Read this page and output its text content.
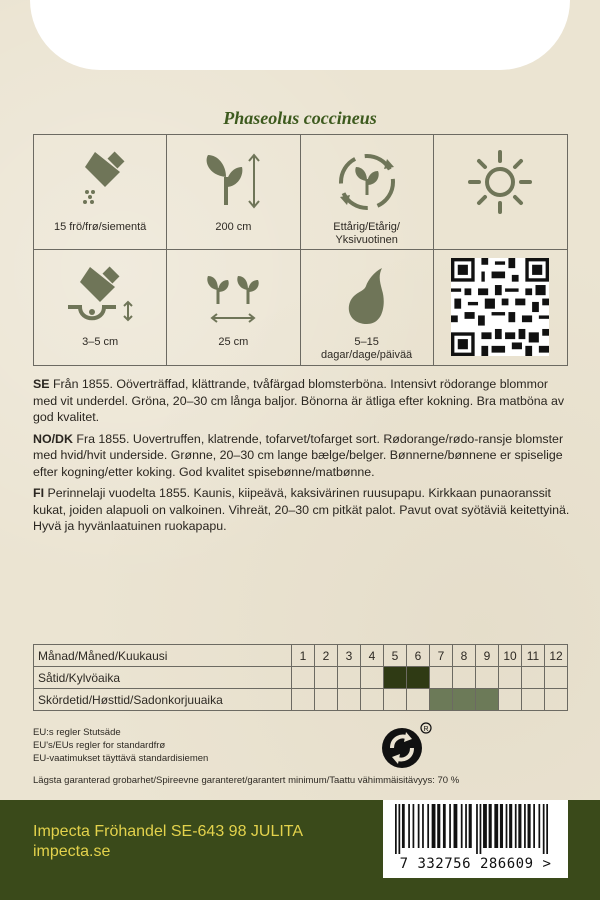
Phaseolus coccineus
15 frö/frø/siementä	200 cm	Ettårig/Etårig/
Yksivuotinen
3–5 cm	25 cm	5–15
dagar/dage/päivää

SE Från 1855. Oöverträffad, klättrande, tvåfärgad blomsterböna. Intensivt rödorange blommor med vit underdel. Gröna, 20–30 cm långa baljor. Bönorna är ätliga efter kokning. Bra matböna av god kvalitet.

NO/DK Fra 1855. Uovertruffen, klatrende, tofarvet/tofarget sort. Rødorange/rødo-ransje blomster med hvid/hvit underside. Grønne, 20–30 cm lange bælge/belger. Bønnerne/bønnene er spiselige efter kogning/etter koking. God kvalitet spisebønne/matbønne.

FI Perinnelaji vuodelta 1855. Kaunis, kiipeävä, kaksivärinen ruusupapu. Kirkkaan punaoranssit kukat, joiden alapuoli on valkoinen. Vihreät, 20–30 cm pitkät palot. Pavut ovat syötäviä keitettyinä. Hyvä ja hyvänlaatuinen ruokapapu.

Månad/Måned/Kuukausi	1	2	3	4	5	6	7	8	9	10	11	12
Såtid/Kylvöaika												
Skördetid/Høsttid/Sadonkorjuuaika												
EU:s regler Stutsäde
EU's/EUs regler for standardfrø
EU-vaatimukset täyttävä standardisiemen
R
Lägsta garanterad grobarhet/Spireevne garanteret/garantert minimum/Taattu vähimmäisitävyys: 70 %
Impecta Fröhandel SE-643 98 JULITA
impecta.se
7 332756 286609 >
